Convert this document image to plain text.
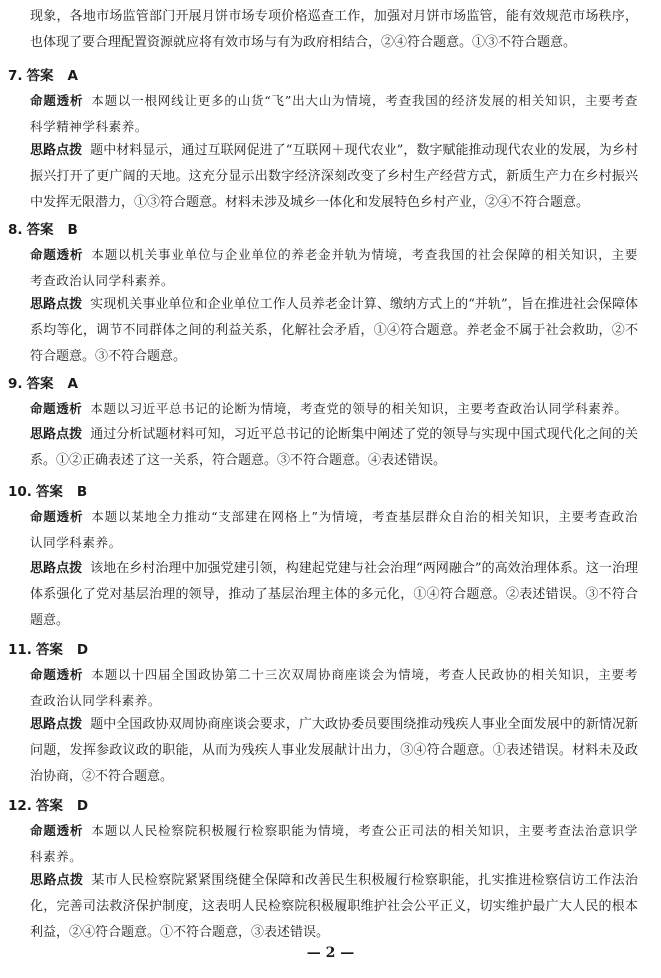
现象，各地市场监管部门开展月饼市场专项价格巡查工作，加强对月饼市场监管，能有效规范市场秩序，也体现了要合理配置资源就应将有效市场与有为政府相结合，②④符合题意。①③不符合题意。

7. 答案 A

命题透析 本题以一根网线让更多的山货“飞”出大山为情境，考查我国的经济发展的相关知识，主要考查科学精神学科素养。

思路点拨 题中材料显示，通过互联网促进了“互联网＋现代农业”，数字赋能推动现代农业的发展，为乡村振兴打开了更广阔的天地。这充分显示出数字经济深刻改变了乡村生产经营方式，新质生产力在乡村振兴中发挥无限潜力，①③符合题意。材料未涉及城乡一体化和发展特色乡村产业，②④不符合题意。

8. 答案 B

命题透析 本题以机关事业单位与企业单位的养老金并轨为情境，考查我国的社会保障的相关知识，主要考查政治认同学科素养。

思路点拨 实现机关事业单位和企业单位工作人员养老金计算、缴纳方式上的“并轨”，旨在推进社会保障体系均等化，调节不同群体之间的利益关系，化解社会矛盾，①④符合题意。养老金不属于社会救助，②不符合题意。③不符合题意。

9. 答案 A

命题透析 本题以习近平总书记的论断为情境，考查党的领导的相关知识，主要考查政治认同学科素养。

思路点拨 通过分析试题材料可知，习近平总书记的论断集中阐述了党的领导与实现中国式现代化之间的关系。①②正确表述了这一关系，符合题意。③不符合题意。④表述错误。

10. 答案 B

命题透析 本题以某地全力推动“支部建在网格上”为情境，考查基层群众自治的相关知识，主要考查政治认同学科素养。

思路点拨 该地在乡村治理中加强党建引领，构建起党建与社会治理“两网融合”的高效治理体系。这一治理体系强化了党对基层治理的领导，推动了基层治理主体的多元化，①④符合题意。②表述错误。③不符合题意。

11. 答案 D

命题透析 本题以十四届全国政协第二十三次双周协商座谈会为情境，考查人民政协的相关知识，主要考查政治认同学科素养。

思路点拨 题中全国政协双周协商座谈会要求，广大政协委员要围绕推动残疾人事业全面发展中的新情况新问题，发挥参政议政的职能，从而为残疾人事业发展献计出力，③④符合题意。①表述错误。材料未及政治协商，②不符合题意。

12. 答案 D

命题透析 本题以人民检察院积极履行检察职能为情境，考查公正司法的相关知识，主要考查法治意识学科素养。

思路点拨 某市人民检察院紧紧围绕健全保障和改善民生积极履行检察职能，扎实推进检察信访工作法治化，完善司法救济保护制度，这表明人民检察院积极履职维护社会公平正义，切实维护最广大人民的根本利益，②④符合题意。①不符合题意，③表述错误。

— 2 —
